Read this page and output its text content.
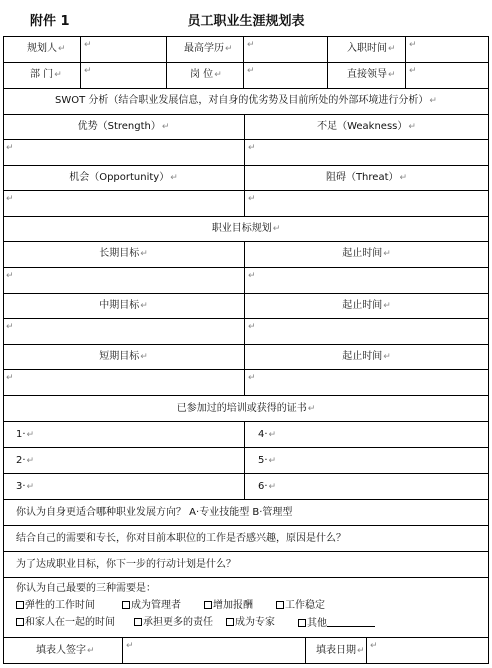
附件 1	员工职业生涯规划表
规划人↵ ↵	最高学历↵ ↵	入职时间↵ ↵
部 门↵ ↵	岗 位↵	↵	直接领导↵ ↵
SWOT 分析（结合职业发展信息，对自身的优劣势及目前所处的外部环境进行分析）↵
优势（Strength）↵	不足（Weakness）↵
↵	↵
机会（Opportunity）↵	阻碍（Threat）↵
↵	↵
职业目标规划↵
长期目标↵	起止时间↵
↵	↵
中期目标↵	起止时间↵
↵	↵
短期目标↵	起止时间↵
↵	↵
已参加过的培训或获得的证书↵
1·↵	4·↵
2·↵	5·↵
3·↵	6·↵
你认为自身更适合哪种职业发展方向？ A·专业技能型 B·管理型
结合自己的需要和专长，你对目前本职位的工作是否感兴趣，原因是什么？
为了达成职业目标，你下一步的行动计划是什么？
你认为自己最要的三种需要是：
弹性的工作时间	成为管理者	增加报酬	工作稳定
和家人在一起的时间	承担更多的责任	成为专家	其他
填表人签字↵	↵	填表日期↵ ↵
